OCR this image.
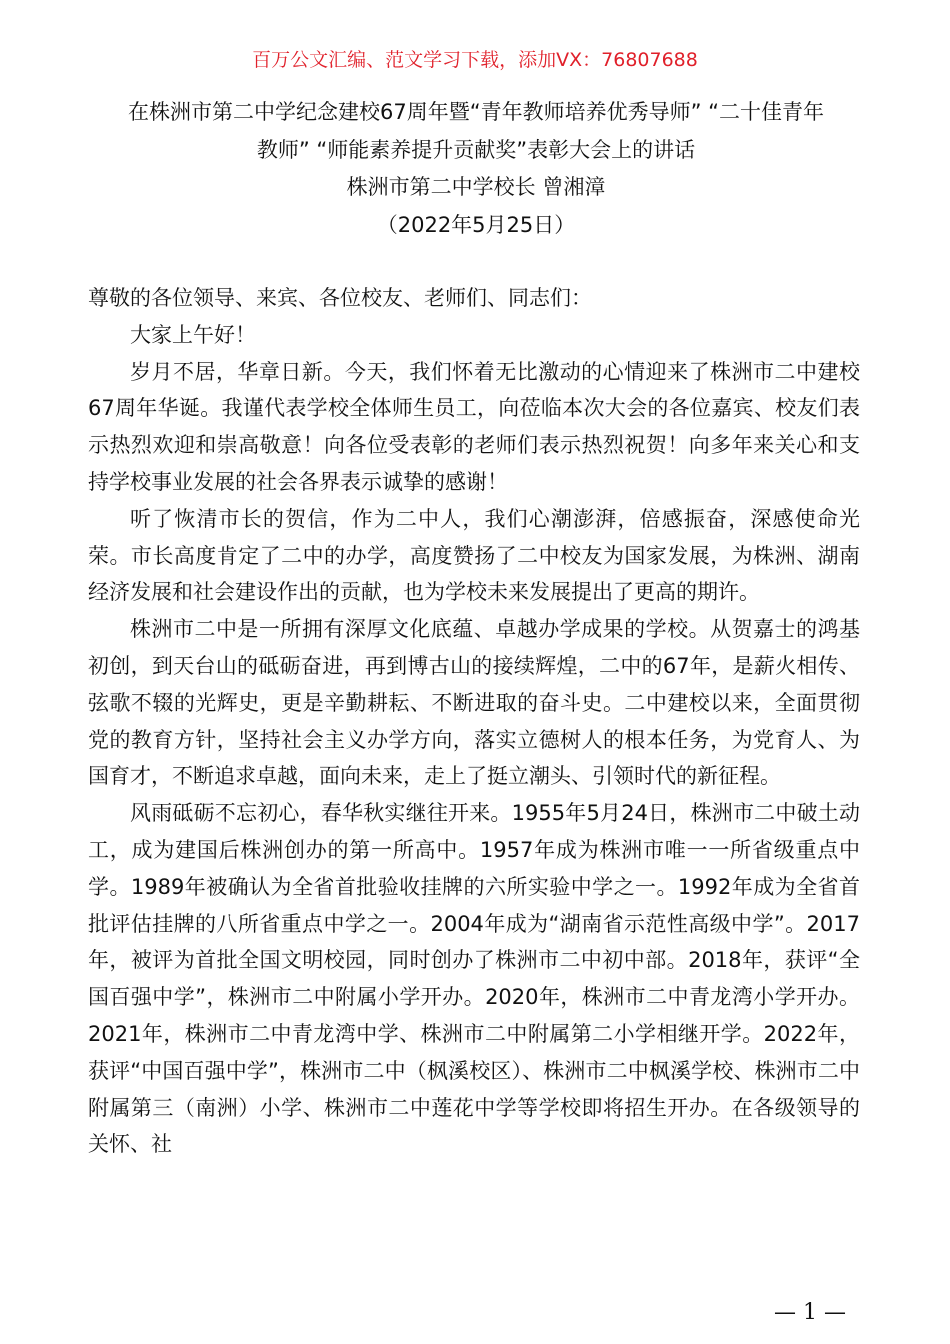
百万公文汇编、范文学习下载，添加VX：76807688
在株洲市第二中学纪念建校67周年暨“青年教师培养优秀导师” “二十佳青年
教师” “师能素养提升贡献奖”表彰大会上的讲话
株洲市第二中学校长 曾湘漳
（2022年5月25日）

尊敬的各位领导、来宾、各位校友、老师们、同志们：

大家上午好！

岁月不居，华章日新。今天，我们怀着无比激动的心情迎来了株洲市二中建校67周年华诞。我谨代表学校全体师生员工，向莅临本次大会的各位嘉宾、校友们表示热烈欢迎和崇高敬意！向各位受表彰的老师们表示热烈祝贺！向多年来关心和支持学校事业发展的社会各界表示诚挚的感谢！

听了恢清市长的贺信，作为二中人，我们心潮澎湃，倍感振奋，深感使命光荣。市长高度肯定了二中的办学，高度赞扬了二中校友为国家发展，为株洲、湖南经济发展和社会建设作出的贡献，也为学校未来发展提出了更高的期许。

株洲市二中是一所拥有深厚文化底蕴、卓越办学成果的学校。从贺嘉士的鸿基初创，到天台山的砥砺奋进，再到博古山的接续辉煌，二中的67年，是薪火相传、弦歌不辍的光辉史，更是辛勤耕耘、不断进取的奋斗史。二中建校以来，全面贯彻党的教育方针，坚持社会主义办学方向，落实立德树人的根本任务，为党育人、为国育才，不断追求卓越，面向未来，走上了挺立潮头、引领时代的新征程。

风雨砥砺不忘初心，春华秋实继往开来。1955年5月24日，株洲市二中破土动工，成为建国后株洲创办的第一所高中。1957年成为株洲市唯一一所省级重点中学。1989年被确认为全省首批验收挂牌的六所实验中学之一。1992年成为全省首批评估挂牌的八所省重点中学之一。2004年成为“湖南省示范性高级中学”。2017年，被评为首批全国文明校园，同时创办了株洲市二中初中部。2018年，获评“全国百强中学”，株洲市二中附属小学开办。2020年，株洲市二中青龙湾小学开办。2021年，株洲市二中青龙湾中学、株洲市二中附属第二小学相继开学。2022年，获评“中国百强中学”，株洲市二中（枫溪校区）、株洲市二中枫溪学校、株洲市二中附属第三（南洲）小学、株洲市二中莲花中学等学校即将招生开办。在各级领导的关怀、社

— 1 —
